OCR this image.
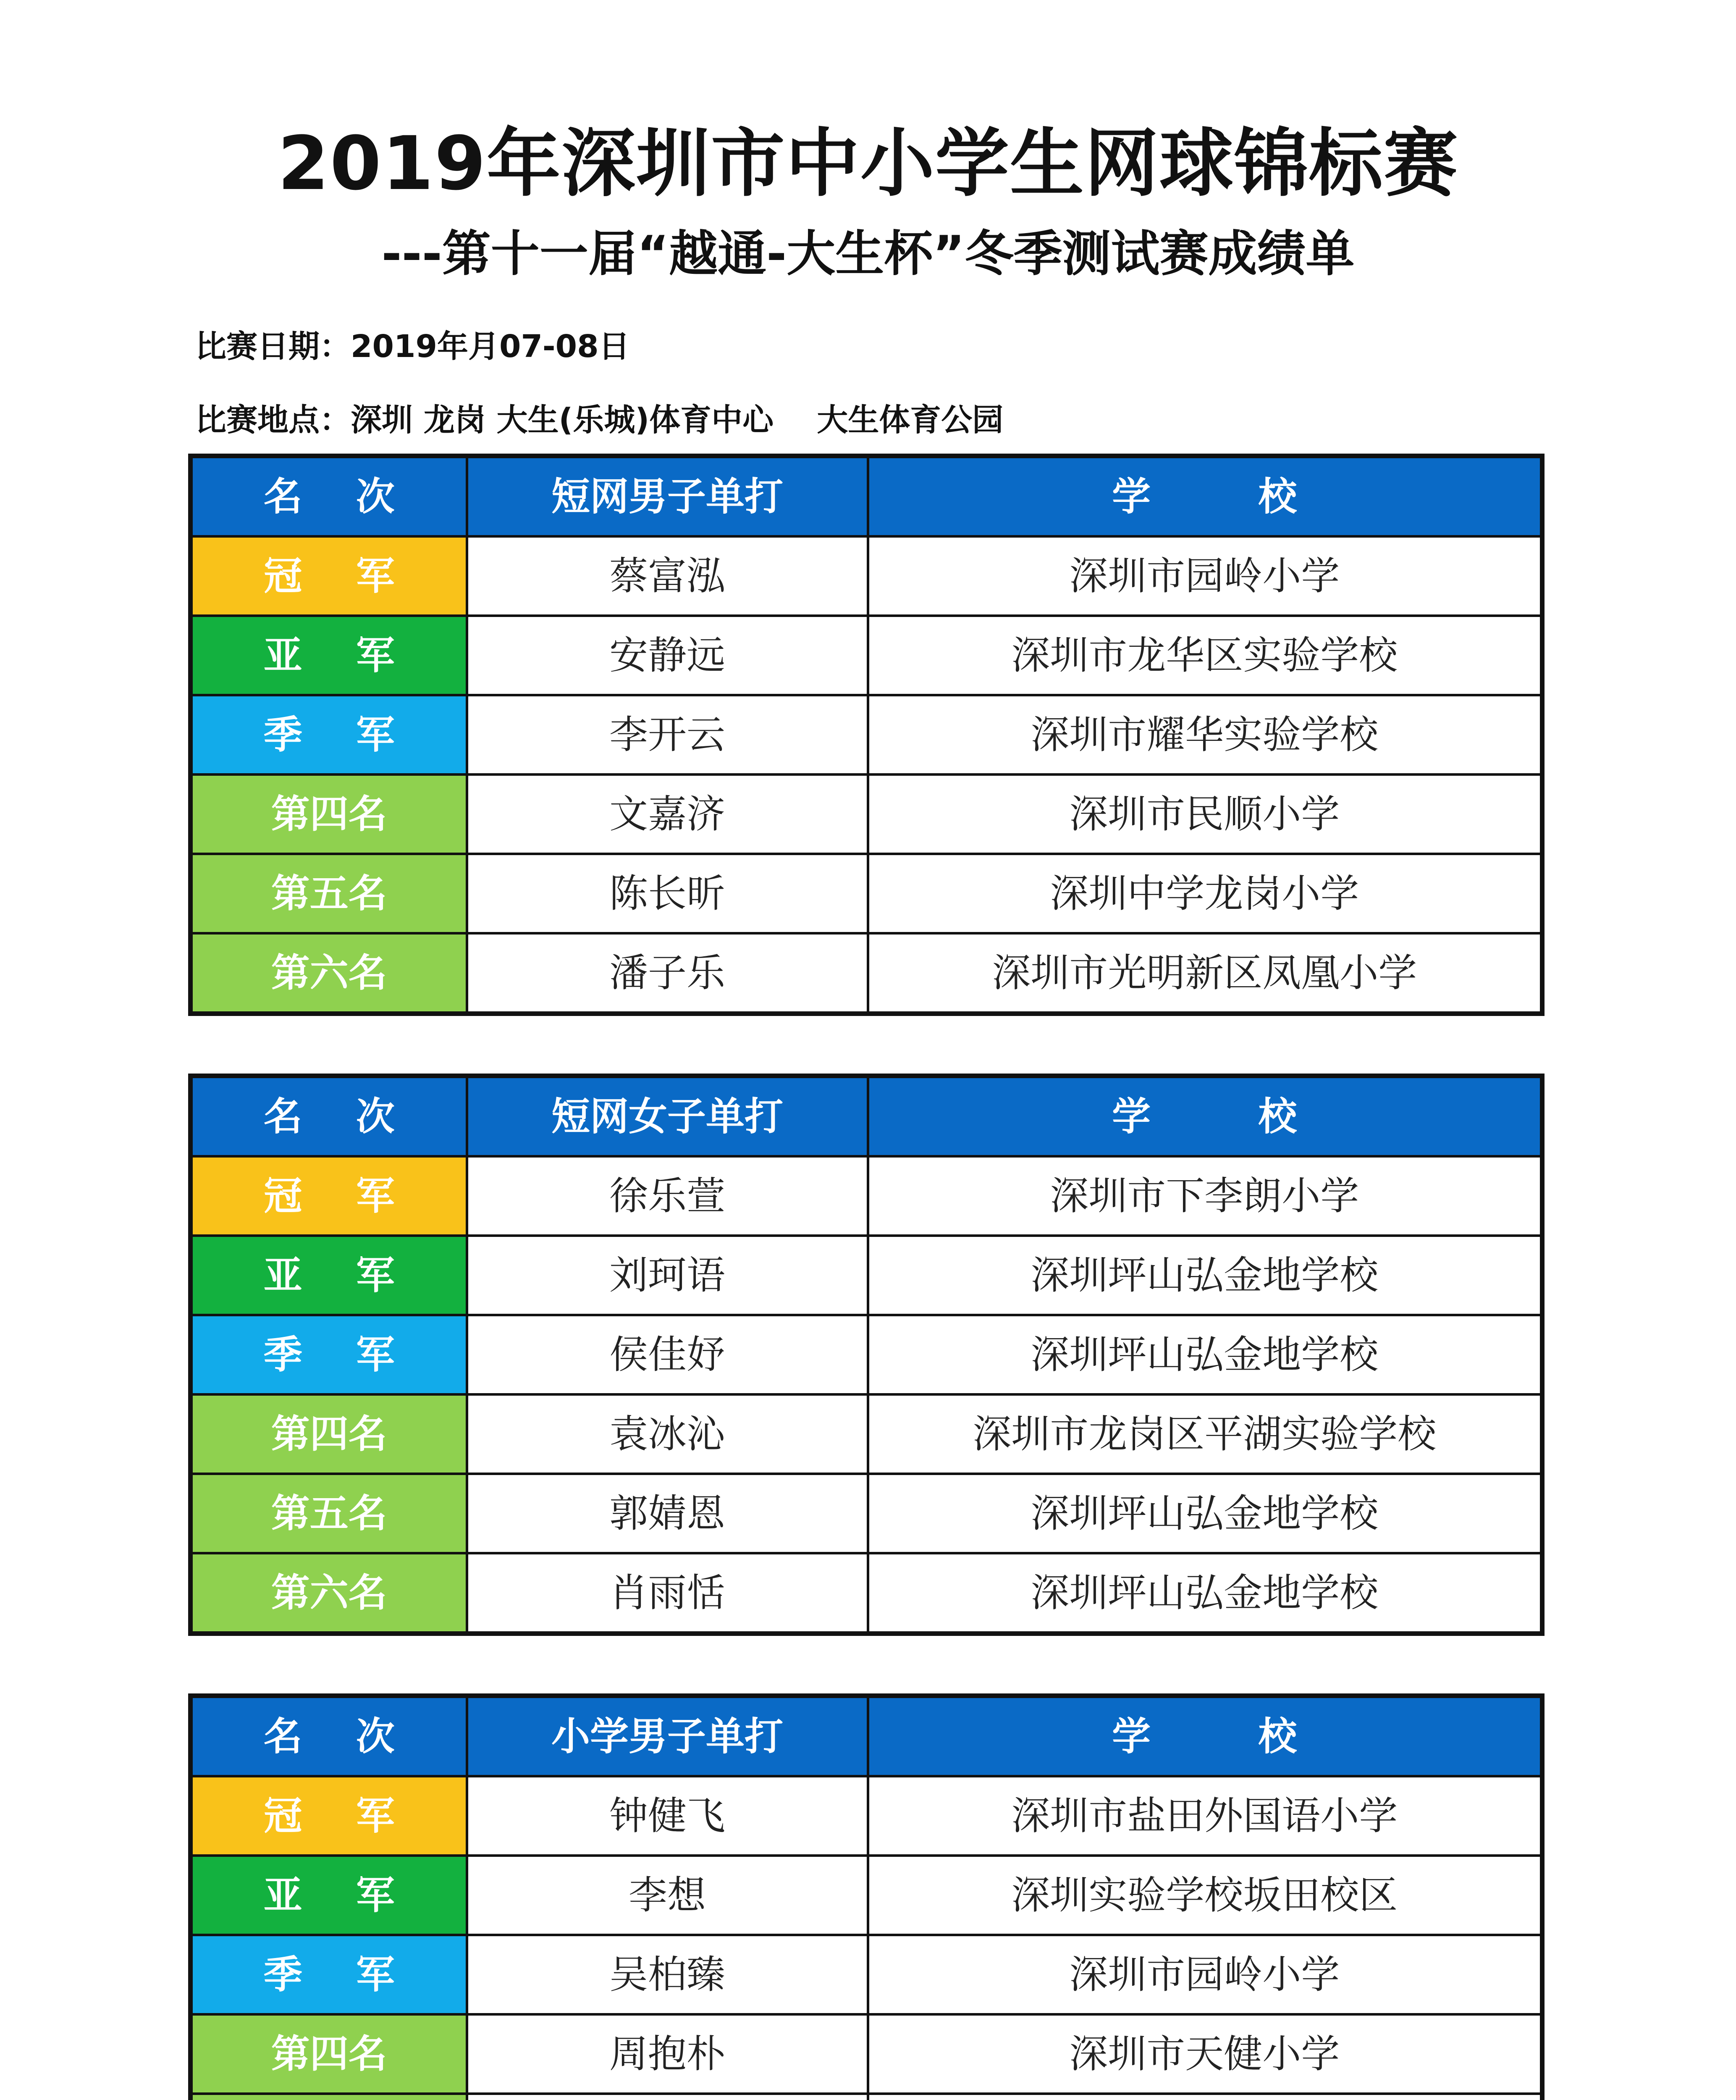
2019年深圳市中小学生网球锦标赛
---第十一届“越通-大生杯”冬季测试赛成绩单
比赛日期：2019年月07-08日
比赛地点：深圳 龙岗 大生(乐城)体育中心    大生体育公园
名    次	短网男子单打	学        校
冠    军	蔡富泓	深圳市园岭小学
亚    军	安静远	深圳市龙华区实验学校
季    军	李开云	深圳市耀华实验学校
第四名	文嘉济	深圳市民顺小学
第五名	陈长昕	深圳中学龙岗小学
第六名	潘子乐	深圳市光明新区凤凰小学
名    次	短网女子单打	学        校
冠    军	徐乐萱	深圳市下李朗小学
亚    军	刘珂语	深圳坪山弘金地学校
季    军	侯佳妤	深圳坪山弘金地学校
第四名	袁冰沁	深圳市龙岗区平湖实验学校
第五名	郭婧恩	深圳坪山弘金地学校
第六名	肖雨恬	深圳坪山弘金地学校
名    次	小学男子单打	学        校
冠    军	钟健飞	深圳市盐田外国语小学
亚    军	李想	深圳实验学校坂田校区
季    军	吴柏臻	深圳市园岭小学
第四名	周抱朴	深圳市天健小学
